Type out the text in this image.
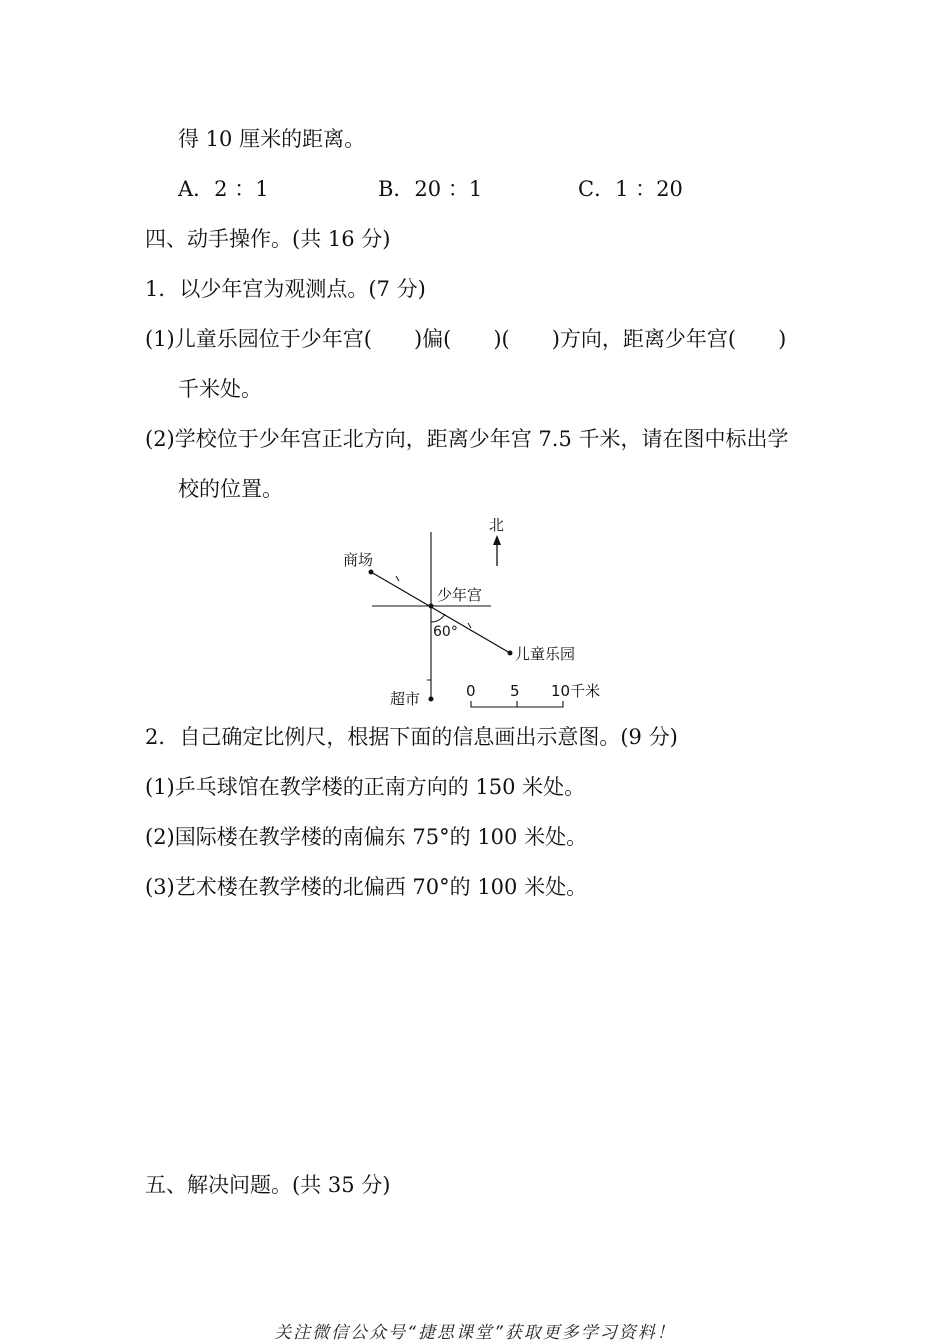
得 10 厘米的距离。
A．2 ：1	B．20 ：1	C．1 ：20
四、动手操作。(共 16 分)
1．以少年宫为观测点。(7 分)
(1)儿童乐园位于少年宫(　　)偏(　　)(　　)方向，距离少年宫(　　)
千米处。
(2)学校位于少年宫正北方向，距离少年宫 7.5 千米，请在图中标出学
校的位置。
北
商场
少年宫
60°
儿童乐园
超市	0 5 10千米
2．自己确定比例尺，根据下面的信息画出示意图。(9 分)
(1)乒乓球馆在教学楼的正南方向的 150 米处。
(2)国际楼在教学楼的南偏东 75°的 100 米处。
(3)艺术楼在教学楼的北偏西 70°的 100 米处。
五、解决问题。(共 35 分)
关注微信公众号“捷思课堂”获取更多学习资料！
